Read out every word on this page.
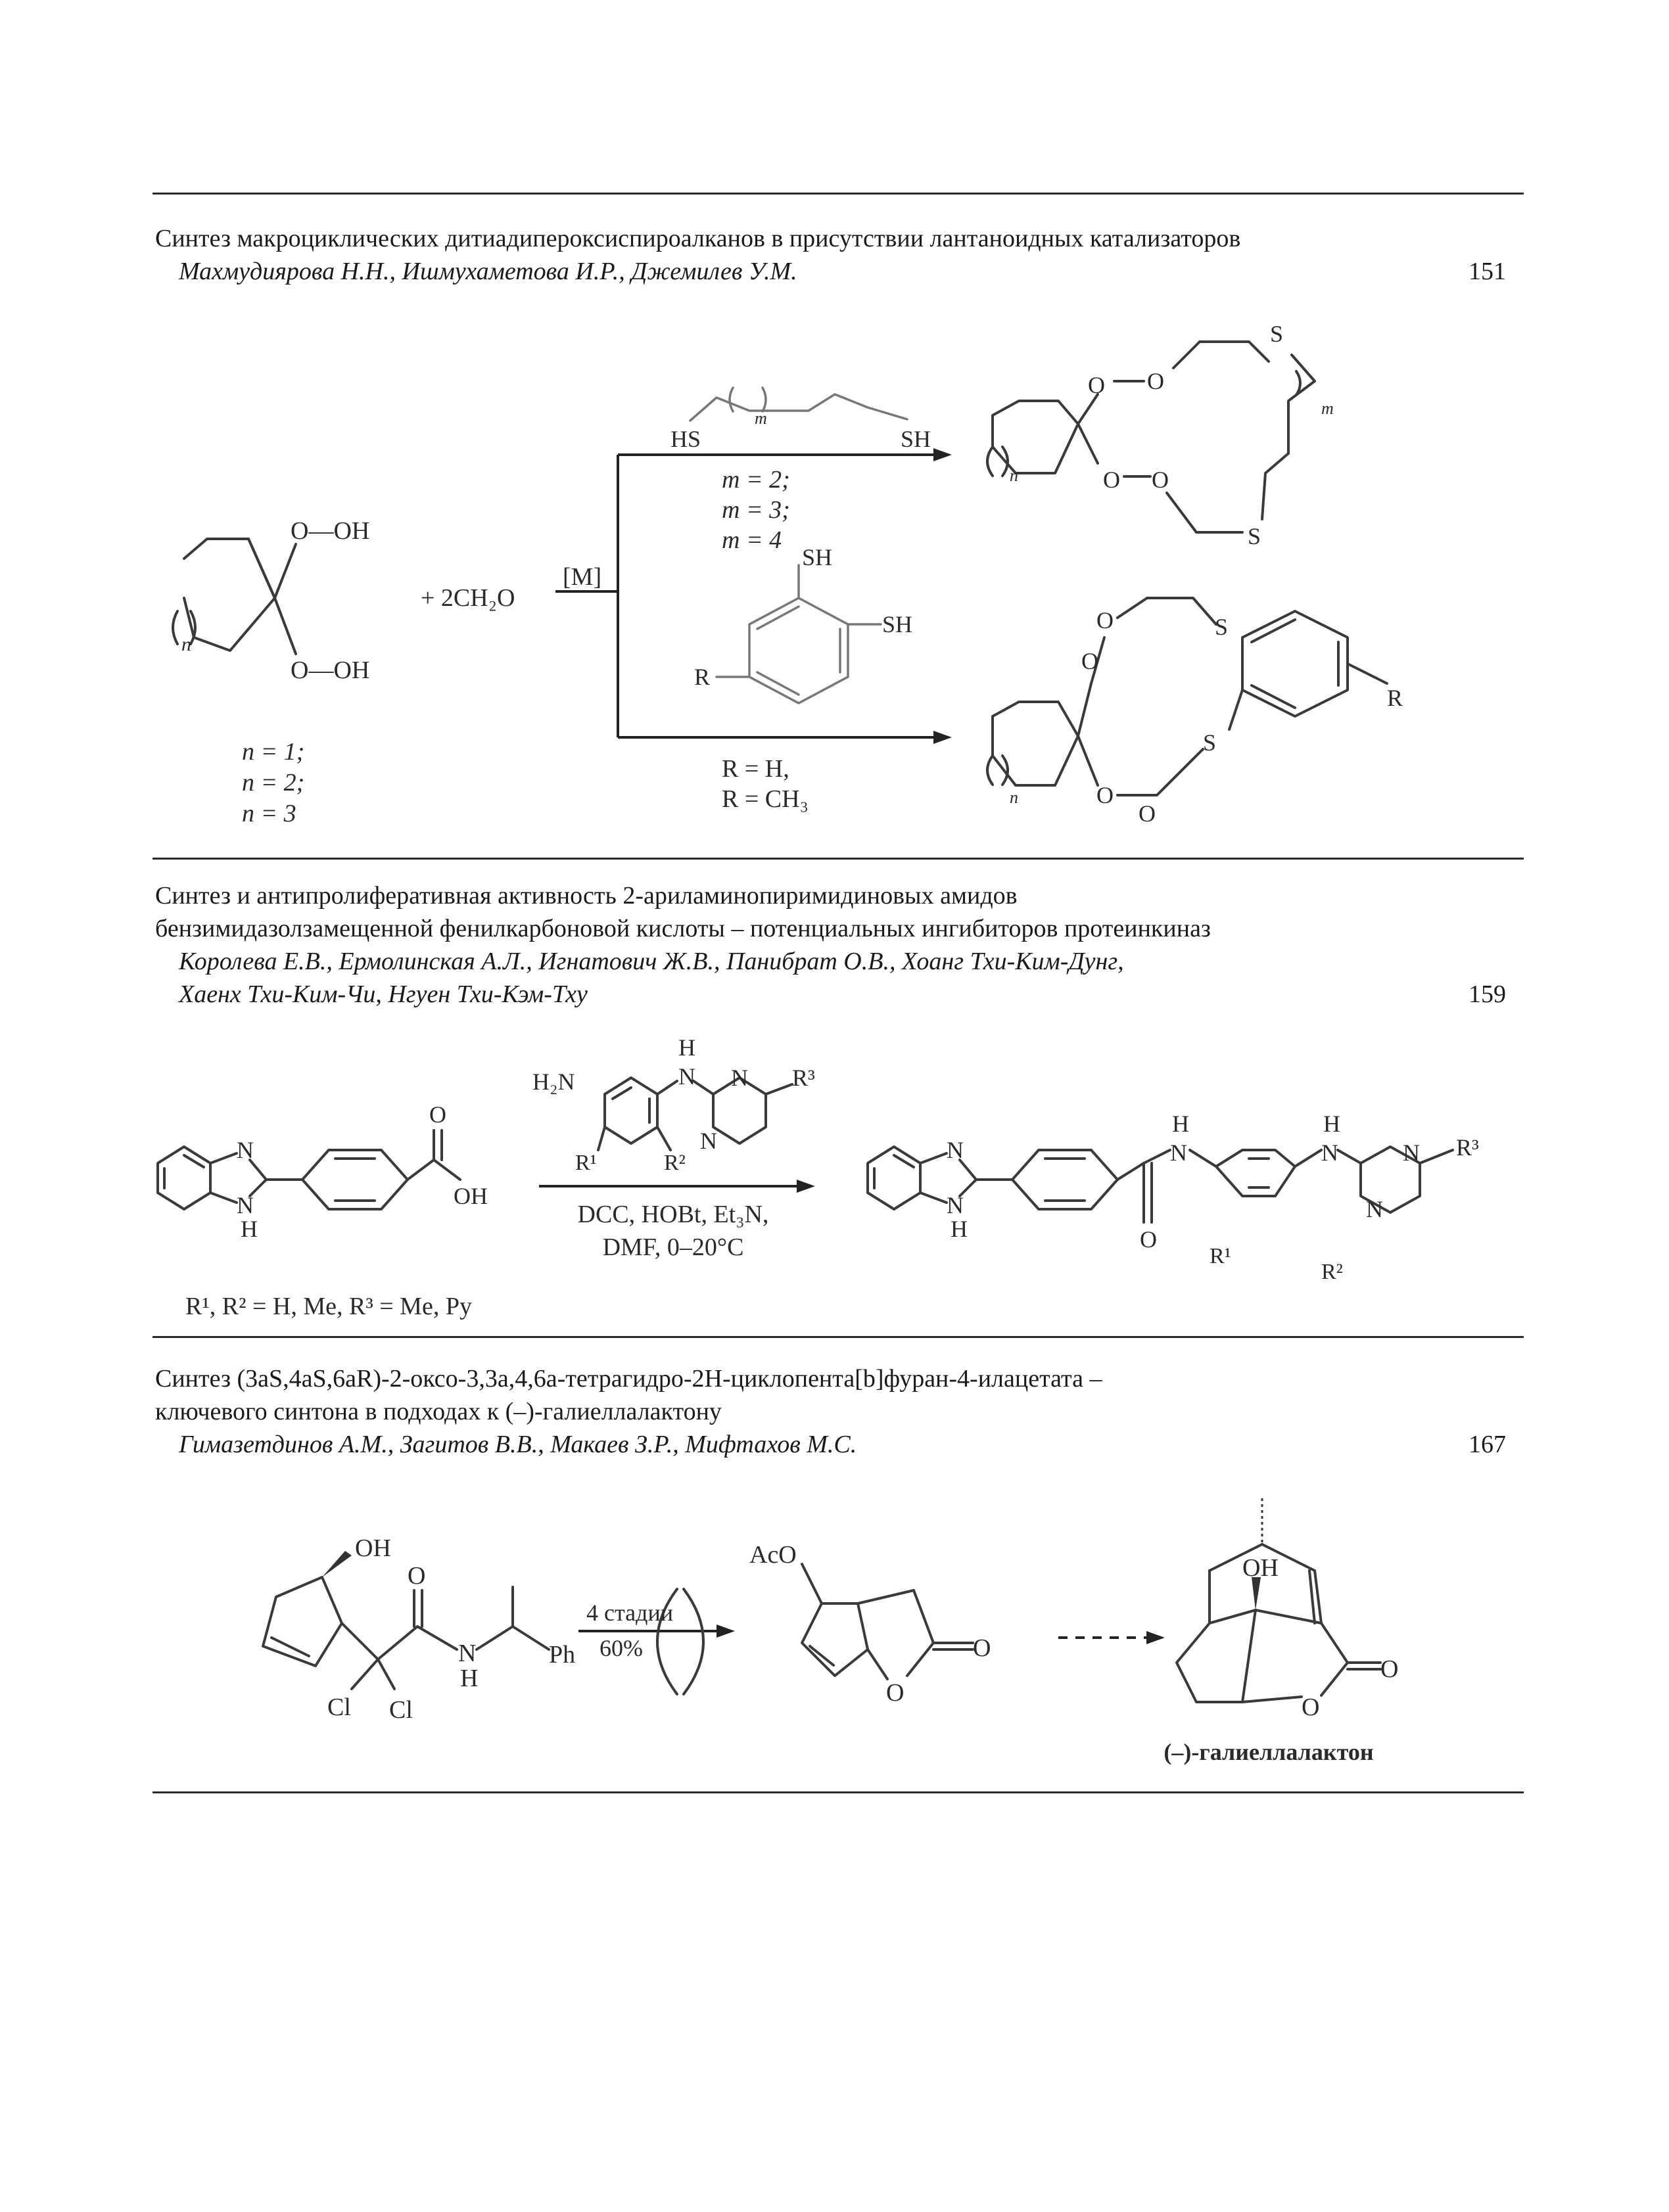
Синтез макроциклических дитиадипероксиспироалканов в присутствии лантаноидных катализаторов
Махмудиярова Н.Н., Ишмухаметова И.Р., Джемилев У.М.	151
O—OH
O—OH
n
+ 2CH₂O
[M]
n = 1;
n = 2;
n = 3
HS	SH
m
m = 2;
m = 3;
m = 4
SH
SH
R
R = H,
R = CH₃
O O
O O
S
S
m
n
O
O
O
O
S
S
R
n
Синтез и антипролиферативная активность 2-ариламинопиримидиновых амидов
бензимидазолзамещенной фенилкарбоновой кислоты – потенциальных ингибиторов протеинкиназ
Королева Е.В., Ермолинская А.Л., Игнатович Ж.В., Панибрат О.В., Хоанг Тхи-Ким-Дунг,
Хаенх Тхи-Ким-Чи, Нгуен Тхи-Кэм-Тху	159
N
N
H
O
OH
R¹, R² = H, Me, R³ = Me, Py
H₂N	N
H
N
N
R³
R¹	R²
DCC, HOBt, Et₃N,
DMF, 0–20°C
N
N
H	O
N
H
N
H
N
N
R³
R¹
R²
Синтез (3aS,4aS,6aR)-2-оксо-3,3a,4,6a-тетрагидро-2H-циклопента[b]фуран-4-илацетата –
ключевого синтона в подходах к (–)-галиеллалактону
Гимазетдинов А.М., Загитов В.В., Макаев З.Р., Мифтахов М.С.	167
OH
O
N
H
Ph
Cl Cl
4 стадии
60%
AcO
O
O
OH
O
O
(–)-галиеллалактон
